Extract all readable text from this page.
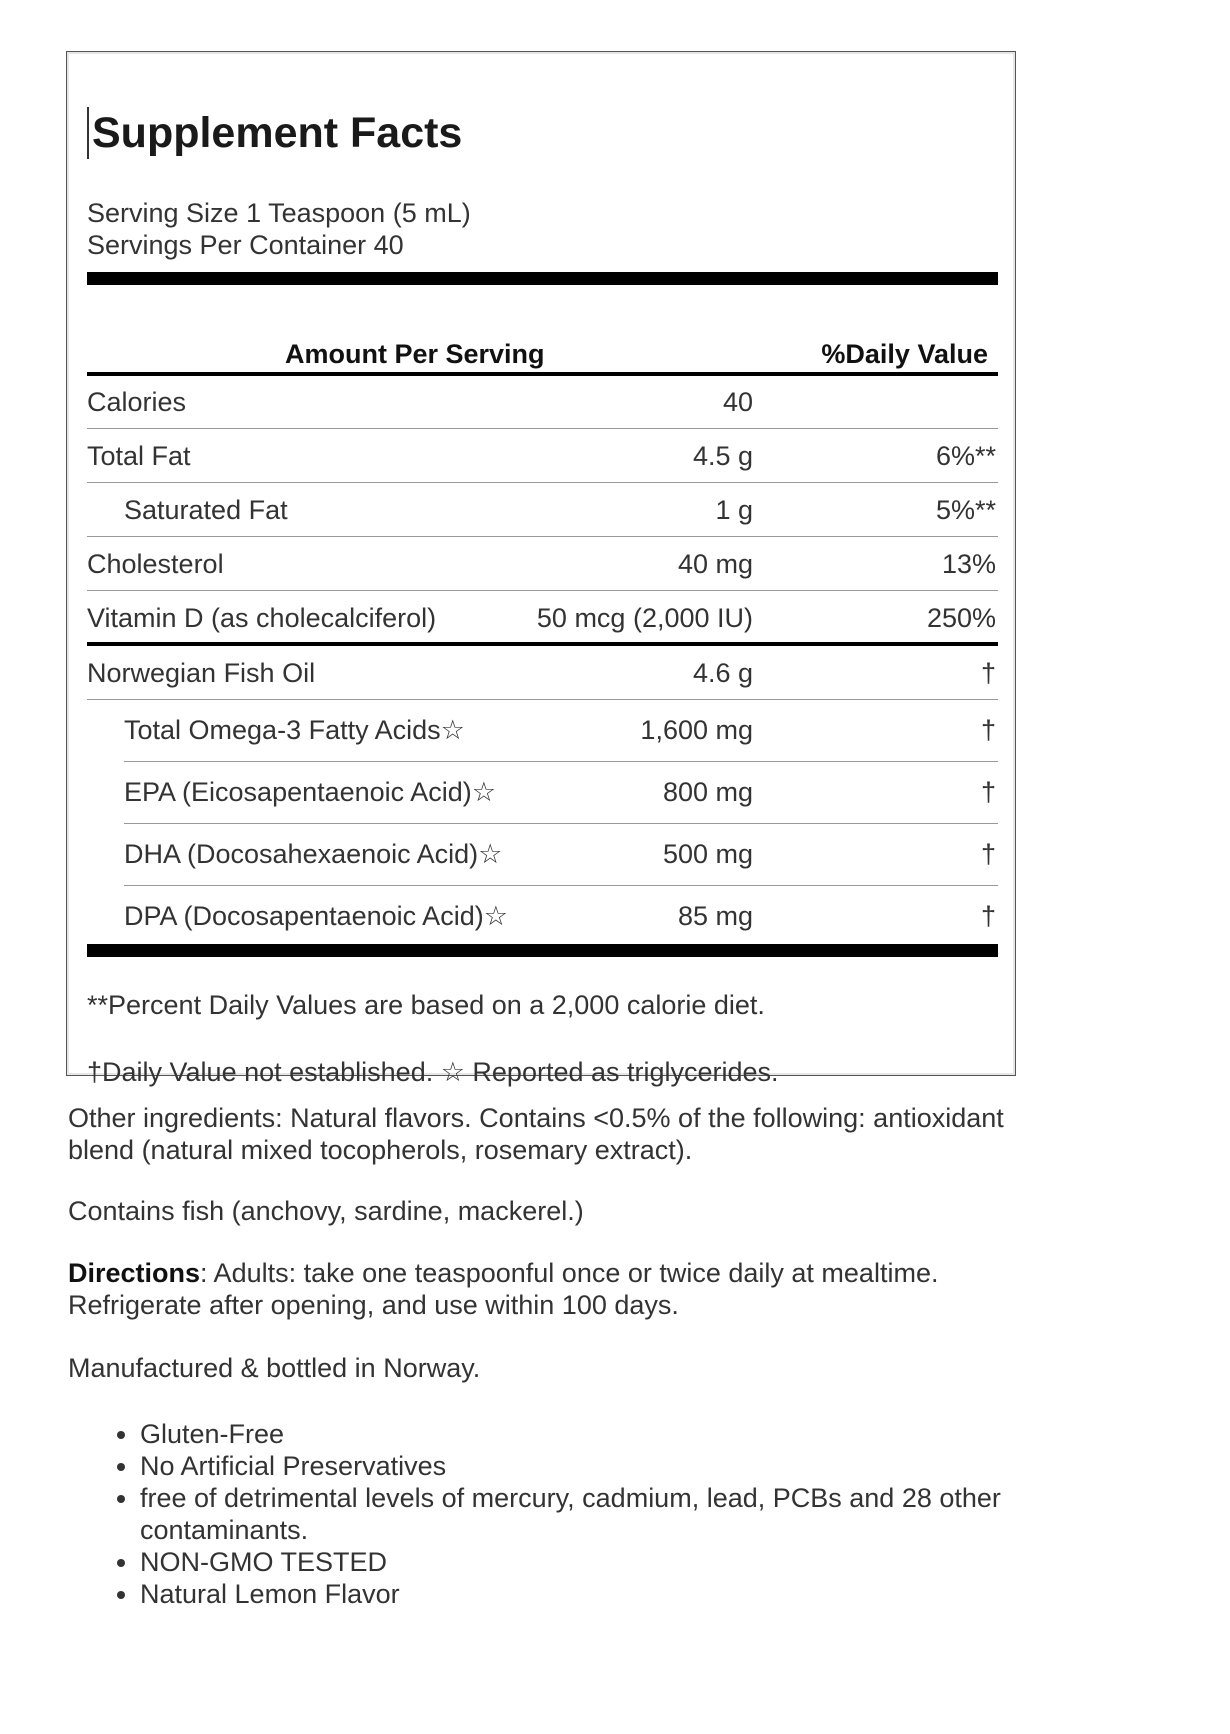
Supplement Facts
Serving Size 1 Teaspoon (5 mL)
Servings Per Container 40
Amount Per Serving	%Daily Value
Calories	40
Total Fat	4.5 g	6%**
Saturated Fat	1 g	5%**
Cholesterol	40 mg	13%
Vitamin D (as cholecalciferol)	50 mcg (2,000 IU)	250%
Norwegian Fish Oil	4.6 g	†
Total Omega-3 Fatty Acids☆	1,600 mg	†
EPA (Eicosapentaenoic Acid)☆	800 mg	†
DHA (Docosahexaenoic Acid)☆	500 mg	†
DPA (Docosapentaenoic Acid)☆	85 mg	†
**Percent Daily Values are based on a 2,000 calorie diet.
†Daily Value not established. ☆ Reported as triglycerides.

Other ingredients: Natural flavors. Contains <0.5% of the following: antioxidant blend (natural mixed tocopherols, rosemary extract).

Contains fish (anchovy, sardine, mackerel.)

Directions: Adults: take one teaspoonful once or twice daily at mealtime. Refrigerate after opening, and use within 100 days.

Manufactured & bottled in Norway.

• Gluten-Free
• No Artificial Preservatives
• free of detrimental levels of mercury, cadmium, lead, PCBs and 28 other contaminants.
• NON-GMO TESTED
• Natural Lemon Flavor
